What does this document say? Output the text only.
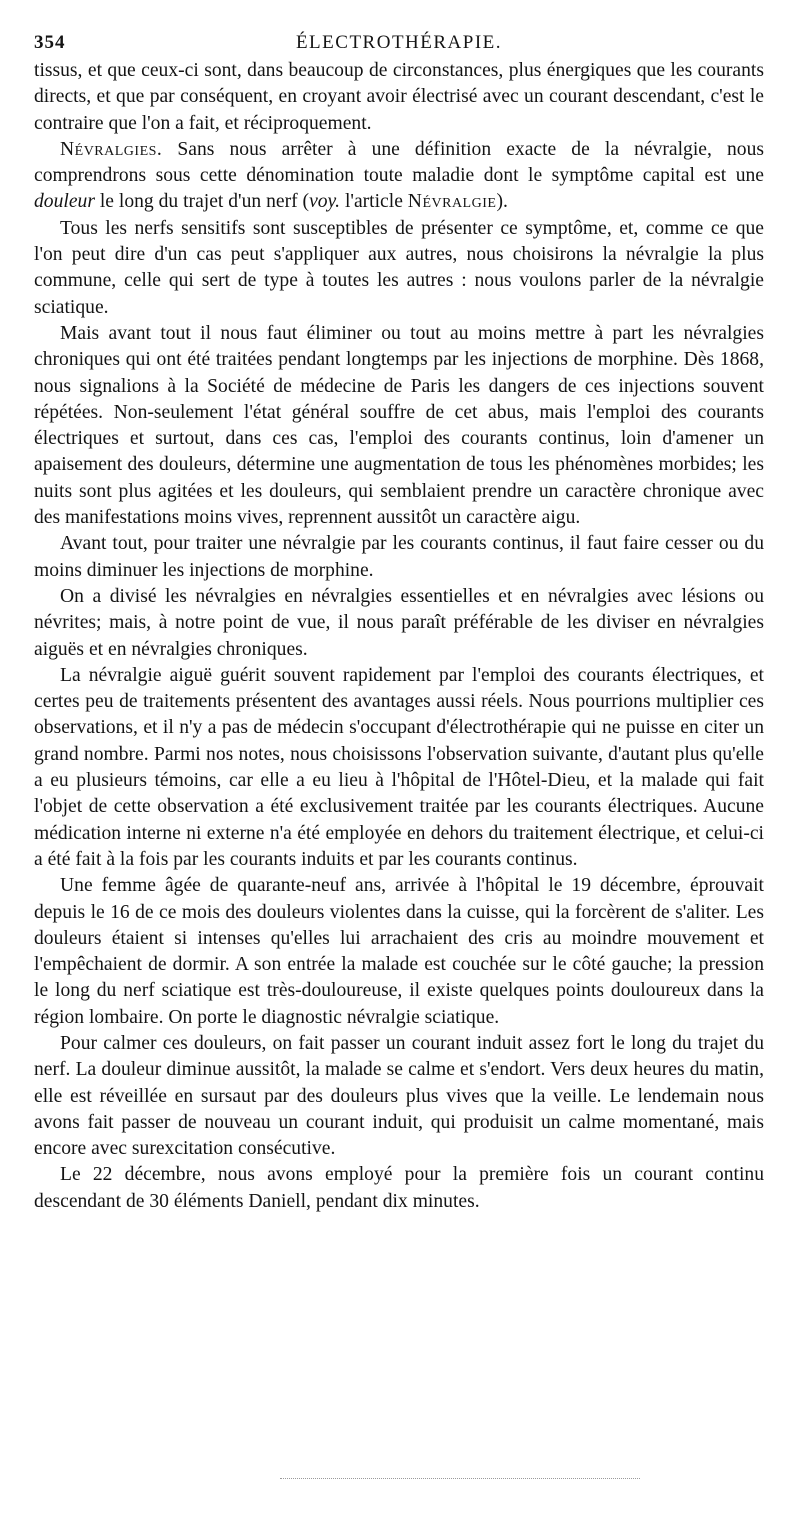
354	ÉLECTROTHÉRAPIE.

tissus, et que ceux-ci sont, dans beaucoup de circonstances, plus énergiques que les courants directs, et que par conséquent, en croyant avoir électrisé avec un courant descendant, c'est le contraire que l'on a fait, et réciproquement.

Névralgies. Sans nous arrêter à une définition exacte de la névralgie, nous comprendrons sous cette dénomination toute maladie dont le symptôme capital est une douleur le long du trajet d'un nerf (voy. l'article Névralgie).

Tous les nerfs sensitifs sont susceptibles de présenter ce symptôme, et, comme ce que l'on peut dire d'un cas peut s'appliquer aux autres, nous choisirons la névralgie la plus commune, celle qui sert de type à toutes les autres : nous voulons parler de la névralgie sciatique.

Mais avant tout il nous faut éliminer ou tout au moins mettre à part les névralgies chroniques qui ont été traitées pendant longtemps par les injections de morphine. Dès 1868, nous signalions à la Société de médecine de Paris les dangers de ces injections souvent répétées. Non-seulement l'état général souffre de cet abus, mais l'emploi des courants électriques et surtout, dans ces cas, l'emploi des courants continus, loin d'amener un apaisement des douleurs, détermine une augmentation de tous les phénomènes morbides; les nuits sont plus agitées et les douleurs, qui semblaient prendre un caractère chronique avec des manifestations moins vives, reprennent aussitôt un caractère aigu.

Avant tout, pour traiter une névralgie par les courants continus, il faut faire cesser ou du moins diminuer les injections de morphine.

On a divisé les névralgies en névralgies essentielles et en névralgies avec lésions ou névrites; mais, à notre point de vue, il nous paraît préférable de les diviser en névralgies aiguës et en névralgies chroniques.

La névralgie aiguë guérit souvent rapidement par l'emploi des courants électriques, et certes peu de traitements présentent des avantages aussi réels. Nous pourrions multiplier ces observations, et il n'y a pas de médecin s'occupant d'électrothérapie qui ne puisse en citer un grand nombre. Parmi nos notes, nous choisissons l'observation suivante, d'autant plus qu'elle a eu plusieurs témoins, car elle a eu lieu à l'hôpital de l'Hôtel-Dieu, et la malade qui fait l'objet de cette observation a été exclusivement traitée par les courants électriques. Aucune médication interne ni externe n'a été employée en dehors du traitement électrique, et celui-ci a été fait à la fois par les courants induits et par les courants continus.

Une femme âgée de quarante-neuf ans, arrivée à l'hôpital le 19 décembre, éprouvait depuis le 16 de ce mois des douleurs violentes dans la cuisse, qui la forcèrent de s'aliter. Les douleurs étaient si intenses qu'elles lui arrachaient des cris au moindre mouvement et l'empêchaient de dormir. A son entrée la malade est couchée sur le côté gauche; la pression le long du nerf sciatique est très-douloureuse, il existe quelques points douloureux dans la région lombaire. On porte le diagnostic névralgie sciatique.

Pour calmer ces douleurs, on fait passer un courant induit assez fort le long du trajet du nerf. La douleur diminue aussitôt, la malade se calme et s'endort. Vers deux heures du matin, elle est réveillée en sursaut par des douleurs plus vives que la veille. Le lendemain nous avons fait passer de nouveau un courant induit, qui produisit un calme momentané, mais encore avec surexcitation consécutive.

Le 22 décembre, nous avons employé pour la première fois un courant continu descendant de 30 éléments Daniell, pendant dix minutes.
